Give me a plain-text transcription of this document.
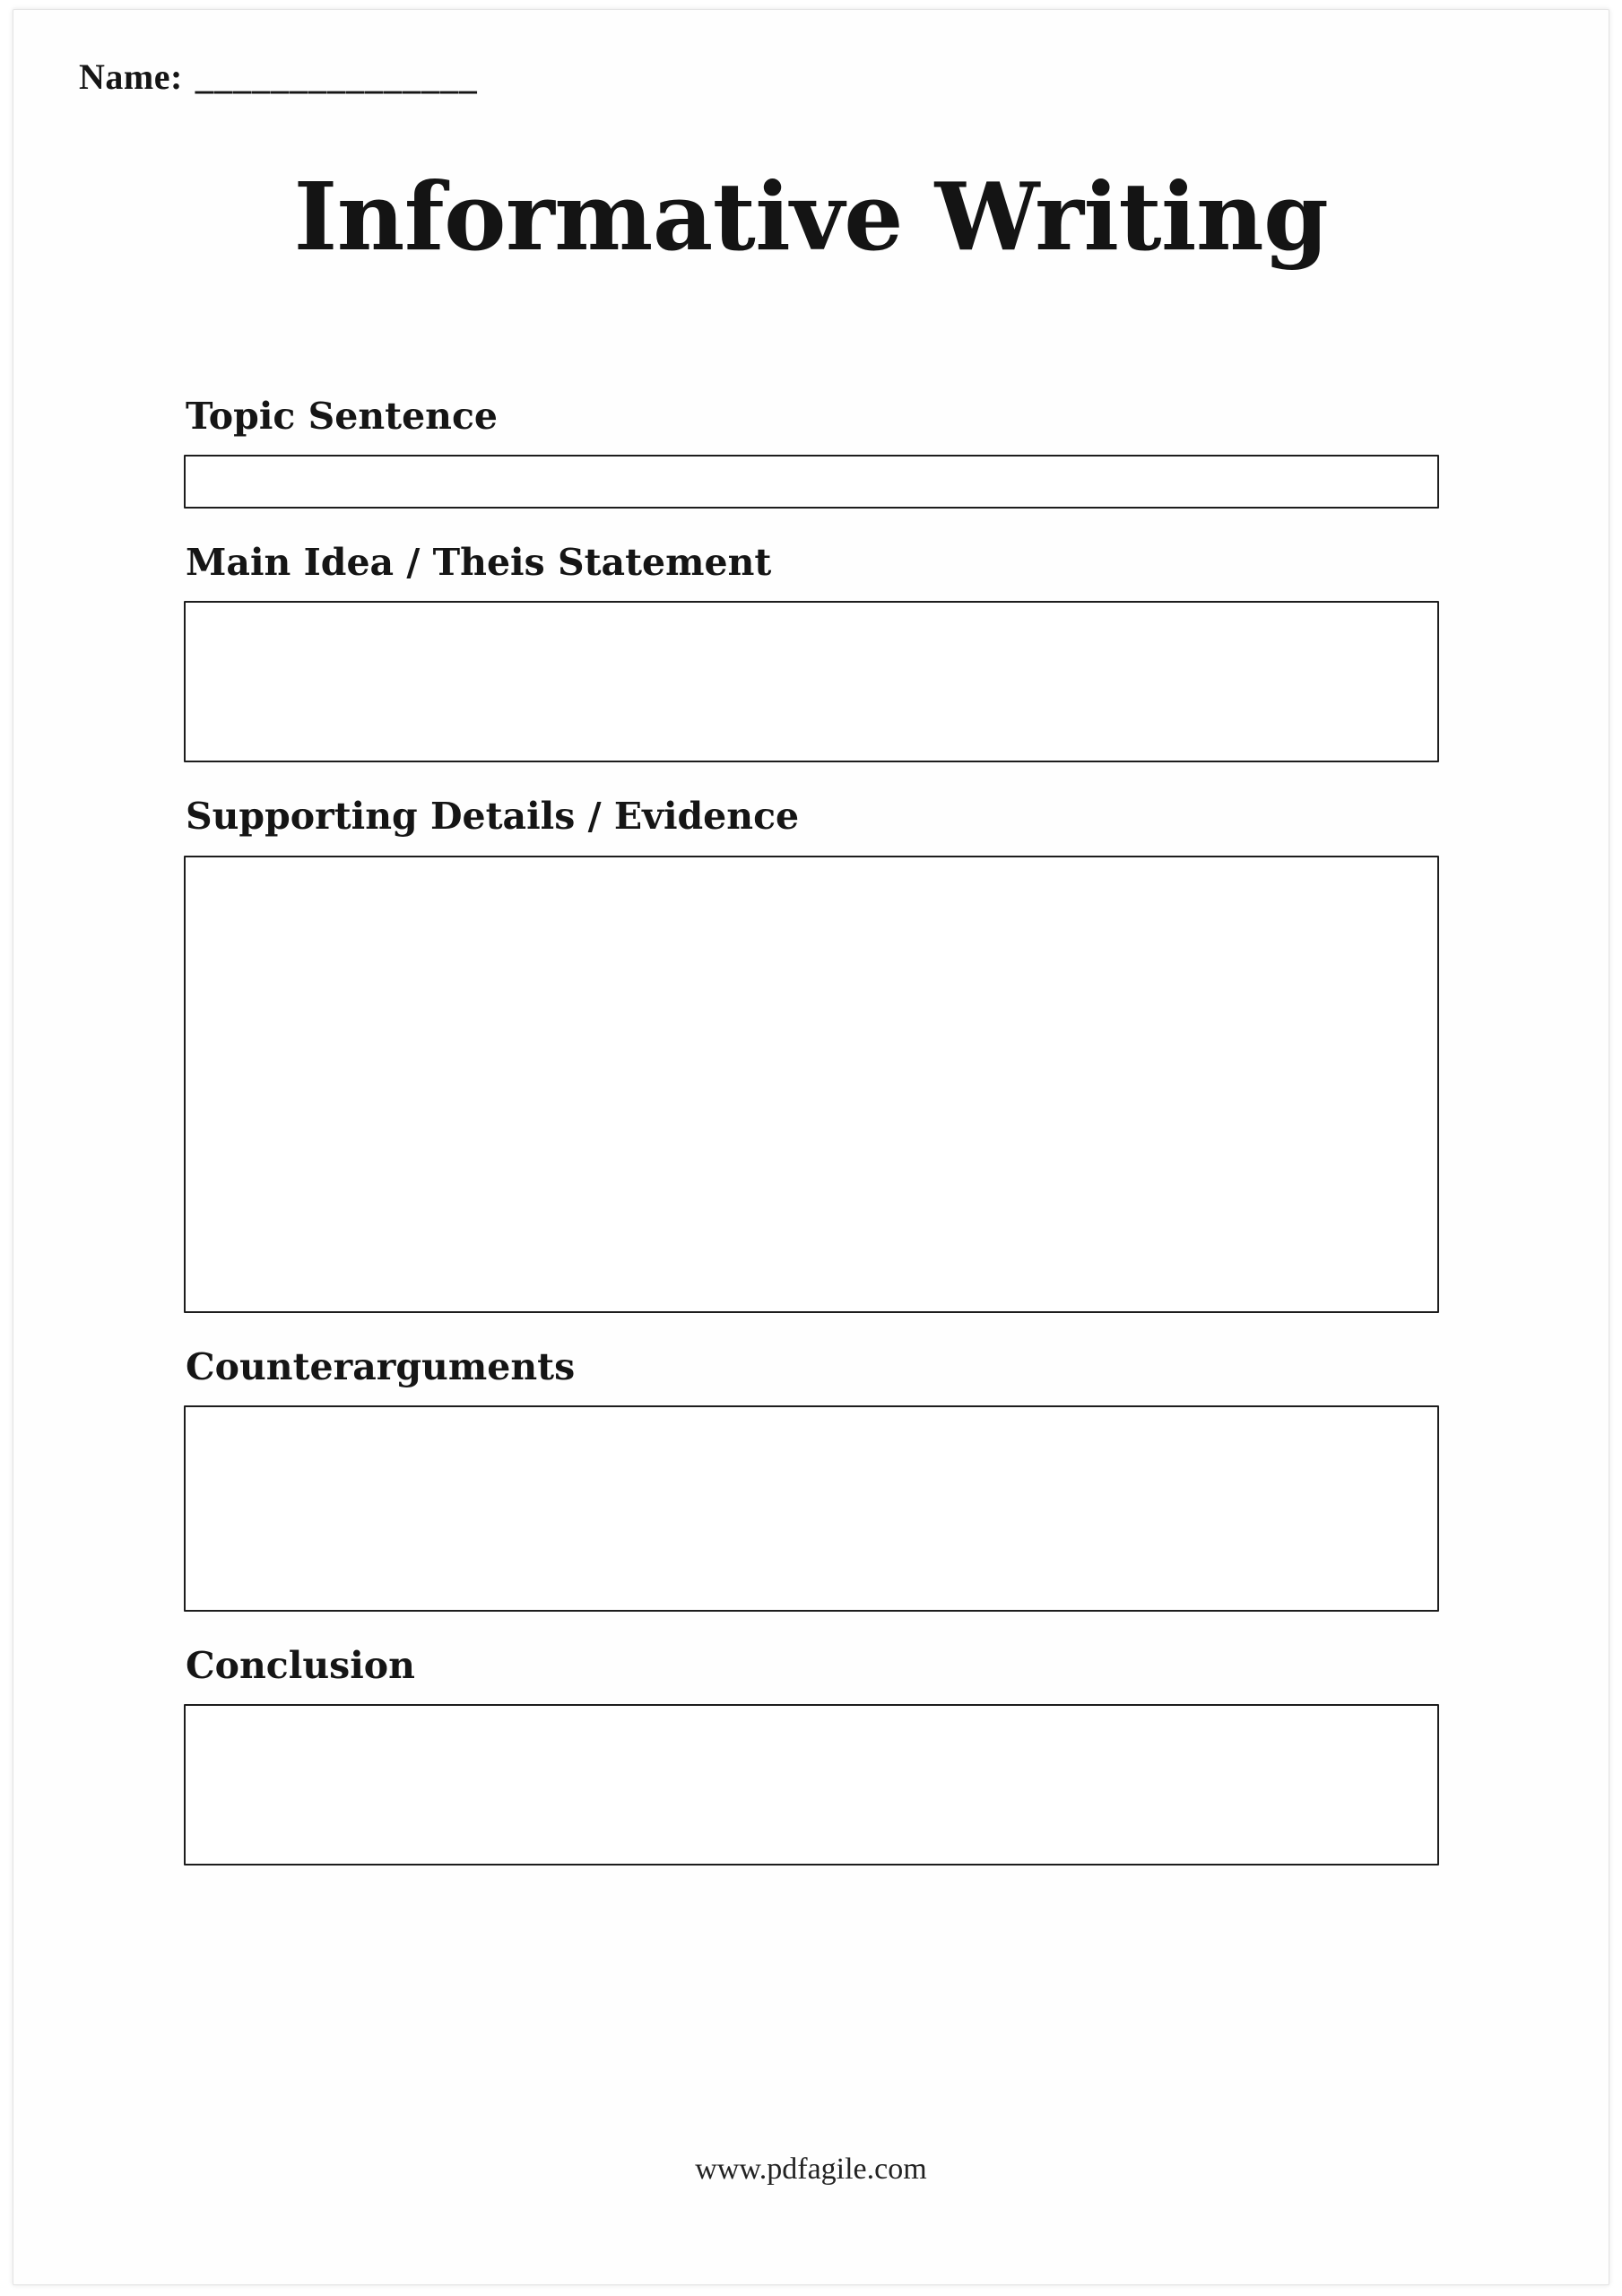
Name: _______________
Informative Writing
Topic Sentence
Main Idea / Theis Statement
Supporting Details / Evidence
Counterarguments
Conclusion
www.pdfagile.com
